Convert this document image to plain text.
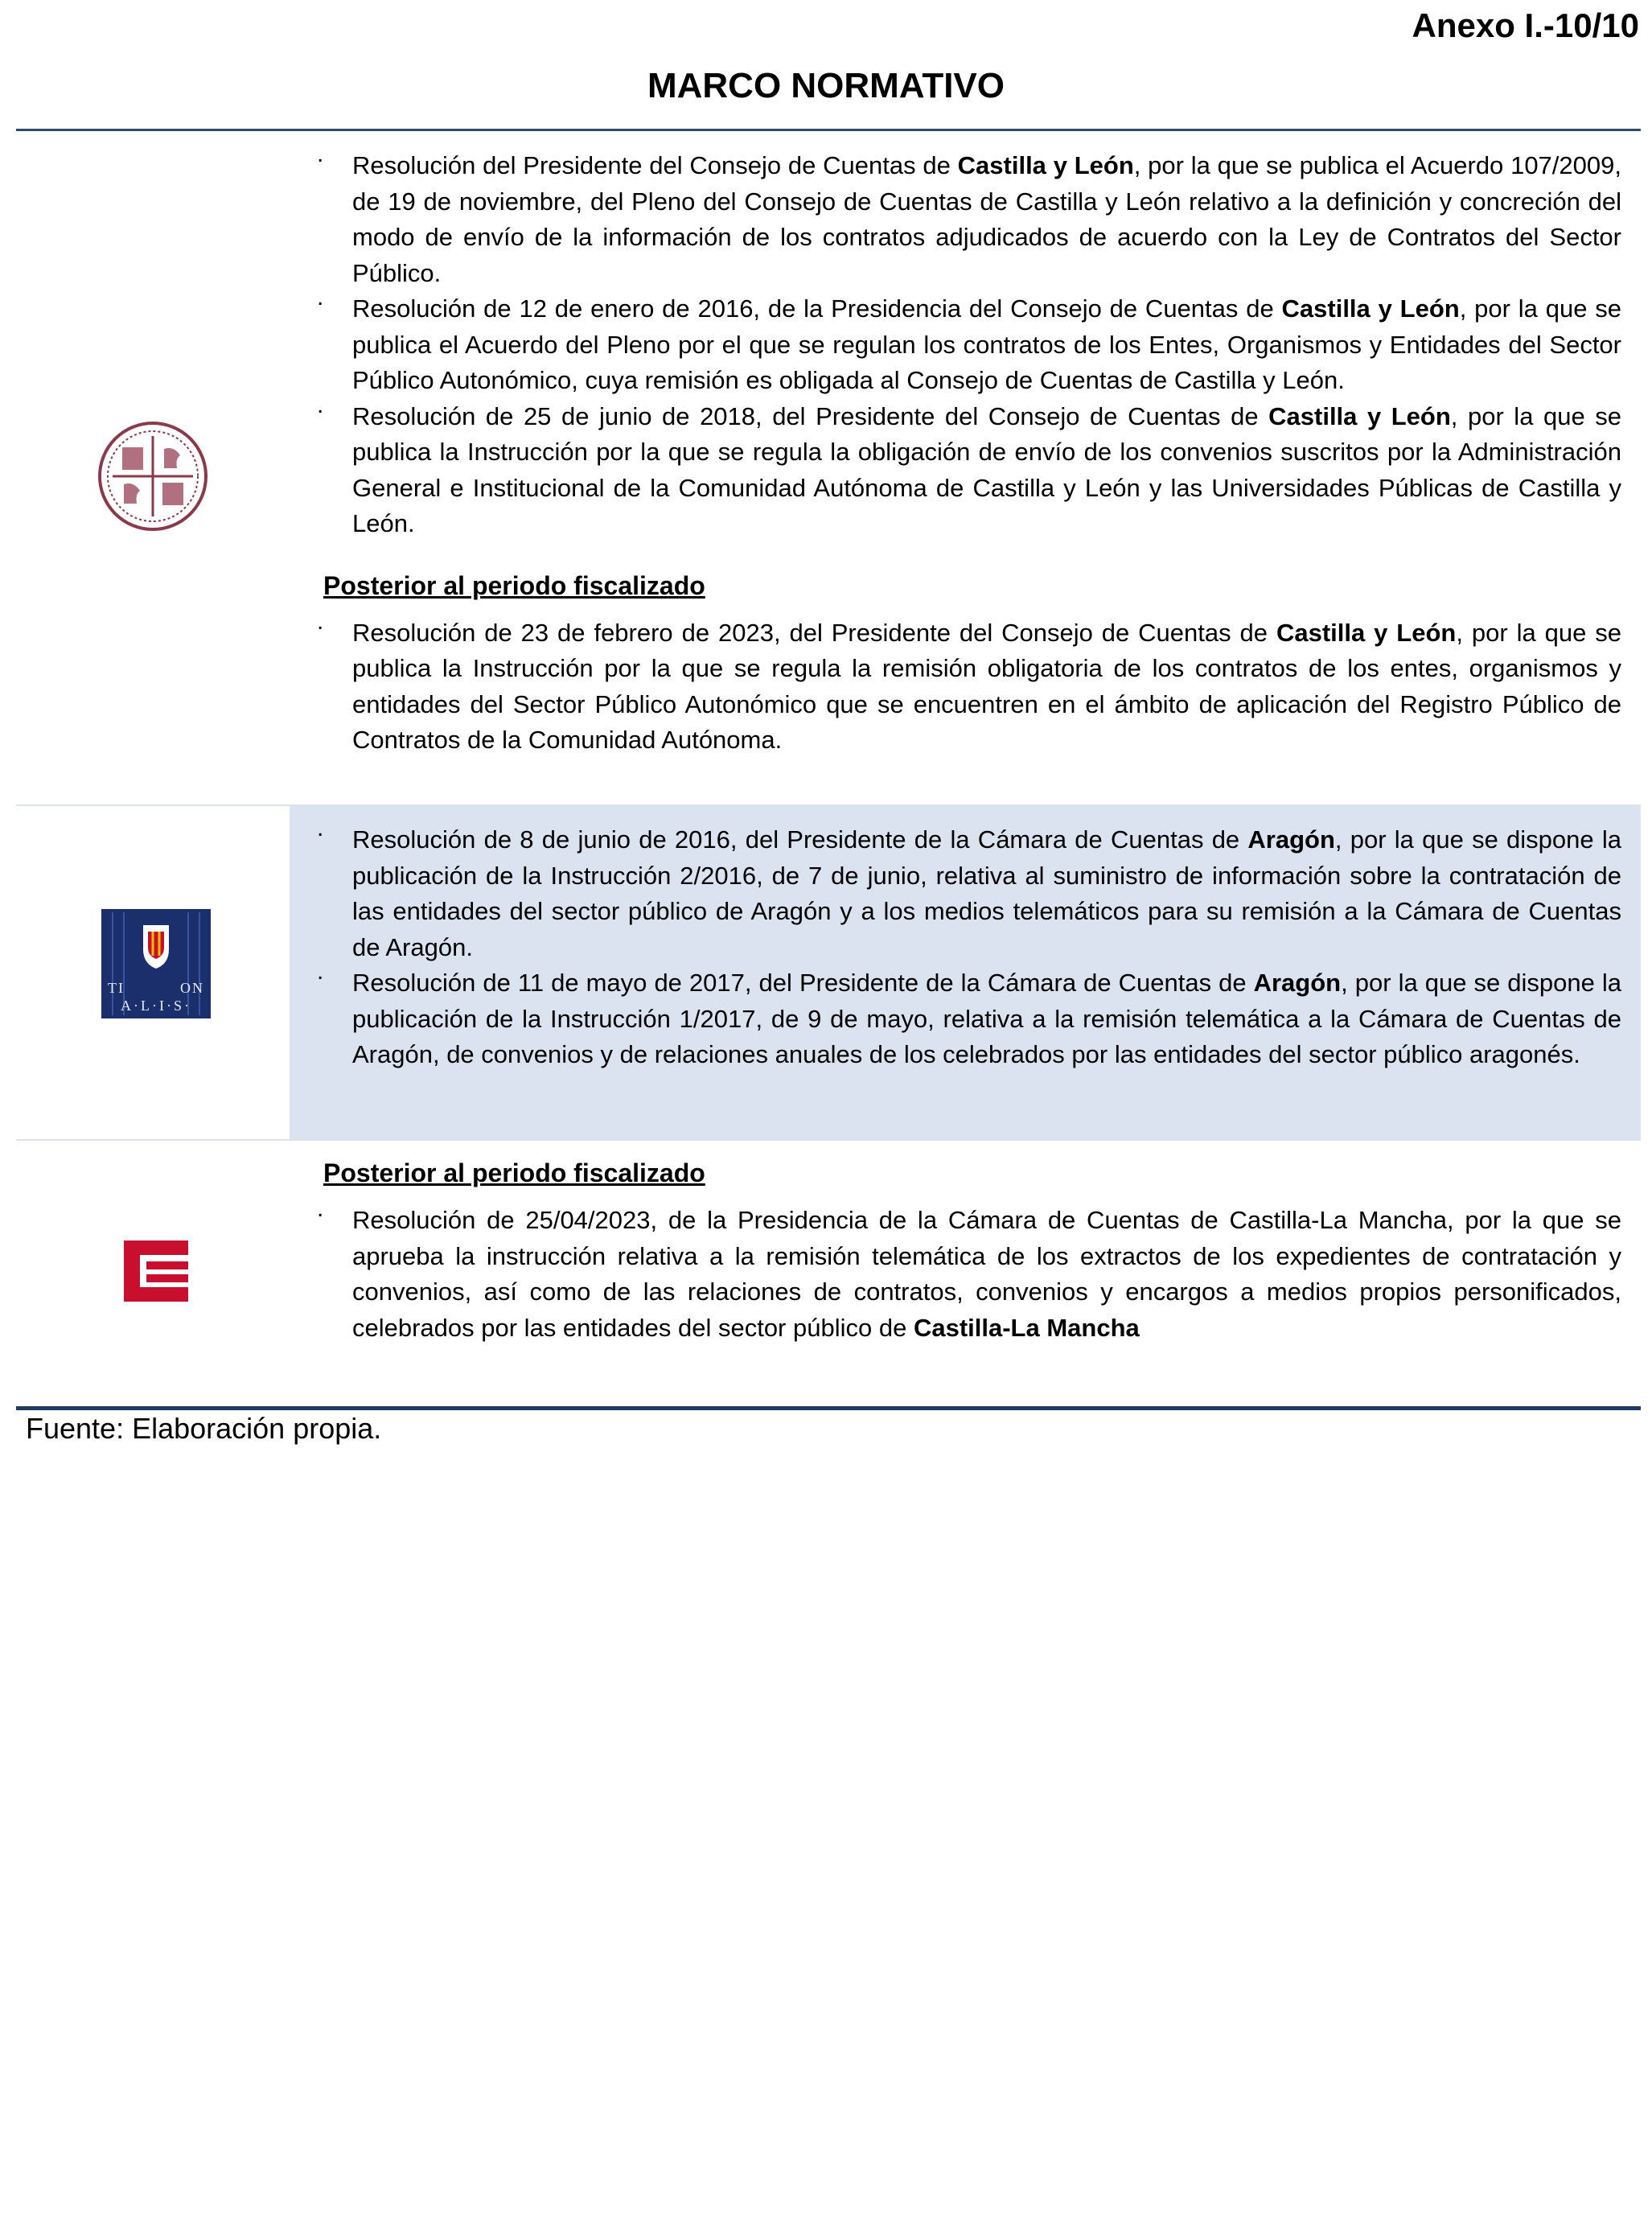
Anexo I.-10/10
MARCO NORMATIVO
. Resolución del Presidente del Consejo de Cuentas de Castilla y León, por la que se publica el Acuerdo 107/2009, de 19 de noviembre, del Pleno del Consejo de Cuentas de Castilla y León relativo a la definición y concreción del modo de envío de la información de los contratos adjudicados de acuerdo con la Ley de Contratos del Sector Público.
. Resolución de 12 de enero de 2016, de la Presidencia del Consejo de Cuentas de Castilla y León, por la que se publica el Acuerdo del Pleno por el que se regulan los contratos de los Entes, Organismos y Entidades del Sector Público Autonómico, cuya remisión es obligada al Consejo de Cuentas de Castilla y León.
. Resolución de 25 de junio de 2018, del Presidente del Consejo de Cuentas de Castilla y León, por la que se publica la Instrucción por la que se regula la obligación de envío de los convenios suscritos por la Administración General e Institucional de la Comunidad Autónoma de Castilla y León y las Universidades Públicas de Castilla y León.
Posterior al periodo fiscalizado
. Resolución de 23 de febrero de 2023, del Presidente del Consejo de Cuentas de Castilla y León, por la que se publica la Instrucción por la que se regula la remisión obligatoria de los contratos de los entes, organismos y entidades del Sector Público Autonómico que se encuentren en el ámbito de aplicación del Registro Público de Contratos de la Comunidad Autónoma.
TI	ON
A·L·I·S·
. Resolución de 8 de junio de 2016, del Presidente de la Cámara de Cuentas de Aragón, por la que se dispone la publicación de la Instrucción 2/2016, de 7 de junio, relativa al suministro de información sobre la contratación de las entidades del sector público de Aragón y a los medios telemáticos para su remisión a la Cámara de Cuentas de Aragón.
. Resolución de 11 de mayo de 2017, del Presidente de la Cámara de Cuentas de Aragón, por la que se dispone la publicación de la Instrucción 1/2017, de 9 de mayo, relativa a la remisión telemática a la Cámara de Cuentas de Aragón, de convenios y de relaciones anuales de los celebrados por las entidades del sector público aragonés.
Posterior al periodo fiscalizado
. Resolución de 25/04/2023, de la Presidencia de la Cámara de Cuentas de Castilla-La Mancha, por la que se aprueba la instrucción relativa a la remisión telemática de los extractos de los expedientes de contratación y convenios, así como de las relaciones de contratos, convenios y encargos a medios propios personificados, celebrados por las entidades del sector público de Castilla-La Mancha
Fuente: Elaboración propia.
